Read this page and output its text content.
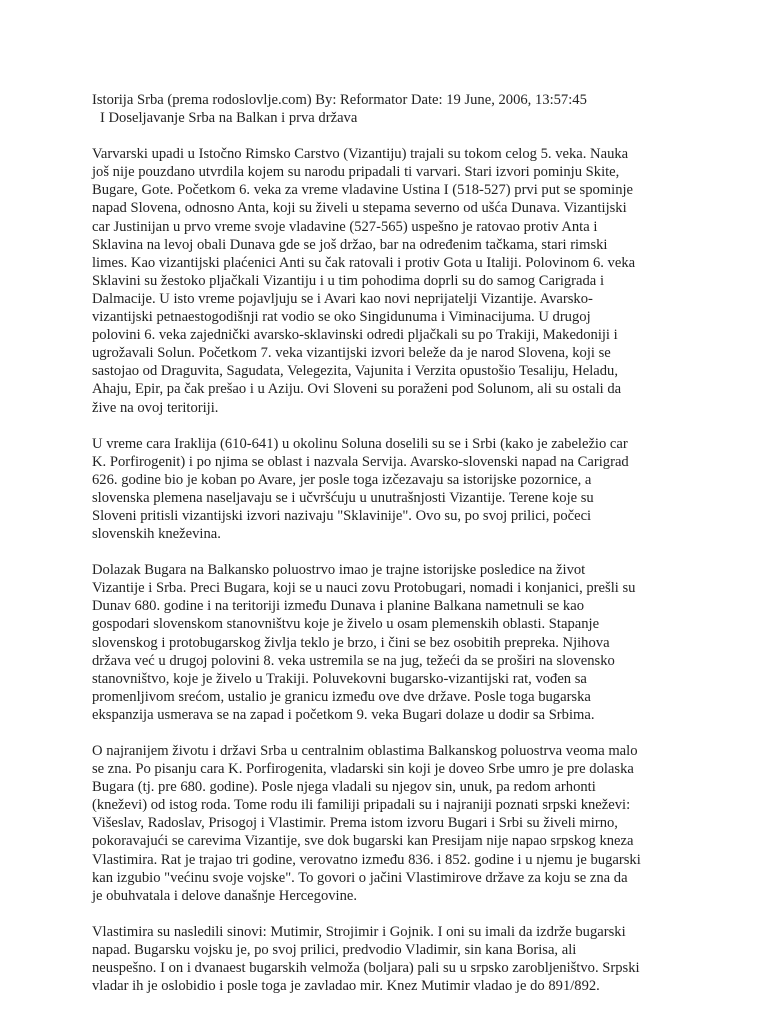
Istorija Srba (prema rodoslovlje.com) By: Reformator Date: 19 June, 2006, 13:57:45

I Doseljavanje Srba na Balkan i prva država

Varvarski upadi u Istočno Rimsko Carstvo (Vizantiju) trajali su tokom celog 5. veka. Nauka
još nije pouzdano utvrdila kojem su narodu pripadali ti varvari. Stari izvori pominju Skite,
Bugare, Gote. Početkom 6. veka za vreme vladavine Ustina I (518-527) prvi put se spominje
napad Slovena, odnosno Anta, koji su živeli u stepama severno od ušća Dunava. Vizantijski
car Justinijan u prvo vreme svoje vladavine (527-565) uspešno je ratovao protiv Anta i
Sklavina na levoj obali Dunava gde se još držao, bar na određenim tačkama, stari rimski
limes. Kao vizantijski plaćenici Anti su čak ratovali i protiv Gota u Italiji. Polovinom 6. veka
Sklavini su žestoko pljačkali Vizantiju i u tim pohodima doprli su do samog Carigrada i
Dalmacije. U isto vreme pojavljuju se i Avari kao novi neprijatelji Vizantije. Avarsko-
vizantijski petnaestogodišnji rat vodio se oko Singidunuma i Viminacijuma. U drugoj
polovini 6. veka zajednički avarsko-sklavinski odredi pljačkali su po Trakiji, Makedoniji i
ugrožavali Solun. Početkom 7. veka vizantijski izvori beleže da je narod Slovena, koji se
sastojao od Draguvita, Sagudata, Velegezita, Vajunita i Verzita opustošio Tesaliju, Heladu,
Ahaju, Epir, pa čak prešao i u Aziju. Ovi Sloveni su poraženi pod Solunom, ali su ostali da
žive na ovoj teritoriji.
U vreme cara Iraklija (610-641) u okolinu Soluna doselili su se i Srbi (kako je zabeležio car
K. Porfirogenit) i po njima se oblast i nazvala Servija. Avarsko-slovenski napad na Carigrad
626. godine bio je koban po Avare, jer posle toga izčezavaju sa istorijske pozornice, a
slovenska plemena naseljavaju se i učvršćuju u unutrašnjosti Vizantije. Terene koje su
Sloveni pritisli vizantijski izvori nazivaju "Sklavinije". Ovo su, po svoj prilici, počeci
slovenskih kneževina.
Dolazak Bugara na Balkansko poluostrvo imao je trajne istorijske posledice na život
Vizantije i Srba. Preci Bugara, koji se u nauci zovu Protobugari, nomadi i konjanici, prešli su
Dunav 680. godine i na teritoriji između Dunava i planine Balkana nametnuli se kao
gospodari slovenskom stanovništvu koje je živelo u osam plemenskih oblasti. Stapanje
slovenskog i protobugarskog življa teklo je brzo, i čini se bez osobitih prepreka. Njihova
država već u drugoj polovini 8. veka ustremila se na jug, težeći da se proširi na slovensko
stanovništvo, koje je živelo u Trakiji. Poluvekovni bugarsko-vizantijski rat, vođen sa
promenljivom srećom, ustalio je granicu između ove dve države. Posle toga bugarska
ekspanzija usmerava se na zapad i početkom 9. veka Bugari dolaze u dodir sa Srbima.
O najranijem životu i državi Srba u centralnim oblastima Balkanskog poluostrva veoma malo
se zna. Po pisanju cara K. Porfirogenita, vladarski sin koji je doveo Srbe umro je pre dolaska
Bugara (tj. pre 680. godine). Posle njega vladali su njegov sin, unuk, pa redom arhonti
(kneževi) od istog roda. Tome rodu ili familiji pripadali su i najraniji poznati srpski kneževi:
Višeslav, Radoslav, Prisogoj i Vlastimir. Prema istom izvoru Bugari i Srbi su živeli mirno,
pokoravajući se carevima Vizantije, sve dok bugarski kan Presijam nije napao srpskog kneza
Vlastimira. Rat je trajao tri godine, verovatno između 836. i 852. godine i u njemu je bugarski
kan izgubio "većinu svoje vojske". To govori o jačini Vlastimirove države za koju se zna da
je obuhvatala i delove današnje Hercegovine.
Vlastimira su nasledili sinovi: Mutimir, Strojimir i Gojnik. I oni su imali da izdrže bugarski
napad. Bugarsku vojsku je, po svoj prilici, predvodio Vladimir, sin kana Borisa, ali
neuspešno. I on i dvanaest bugarskih velmoža (boljara) pali su u srpsko zarobljeništvo. Srpski
vladar ih je oslobidio i posle toga je zavladao mir. Knez Mutimir vladao je do 891/892.
